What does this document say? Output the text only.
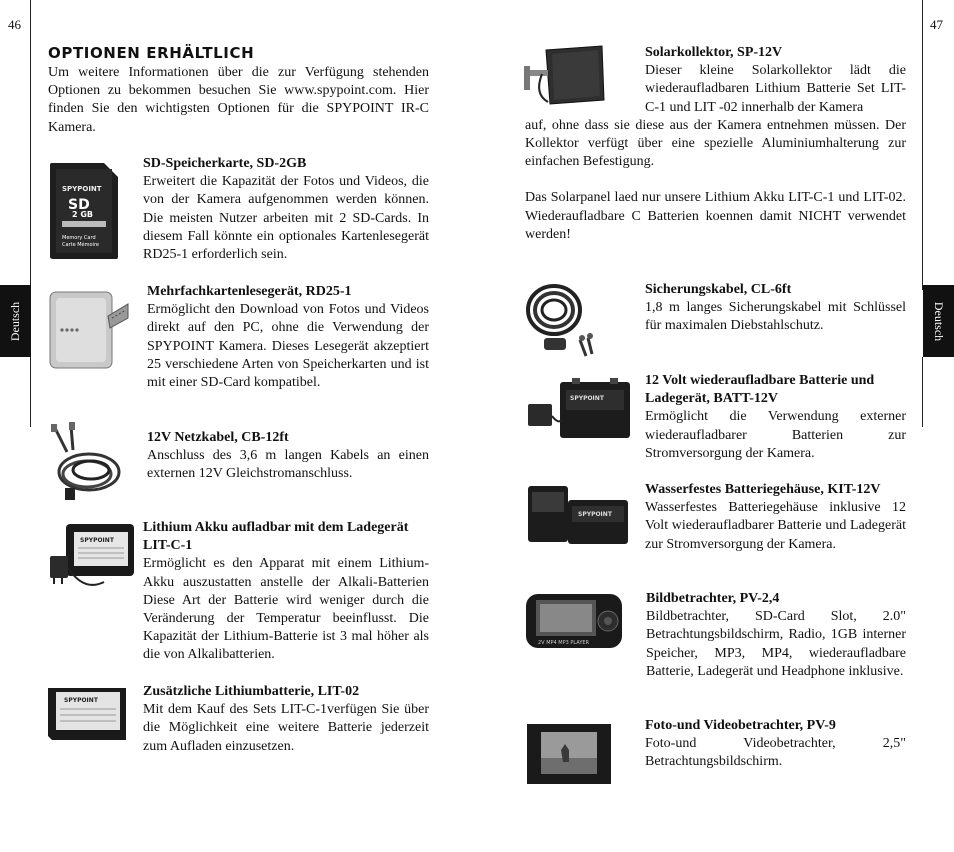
46	47
Deutsch	Deutsch
OPTIONEN ERHÄLTLICH

Um weitere Informationen über die zur Verfügung stehenden Optionen zu bekommen besuchen Sie www.spypoint.com. Hier finden Sie den wichtigsten Optionen für die SPYPOINT IR-C Kamera.

SPYPOINT
SD
2 GB
Memory Card
Carte Mémoire

SD-Speicherkarte, SD-2GB

Erweitert die Kapazität der Fotos und Videos, die von der Kamera aufgenommen werden können. Die meisten Nutzer arbeiten mit 2 SD-Cards. In diesem Fall könnte ein optionales Kartenlesegerät RD25-1 erforderlich sein.

Mehrfachkartenlesegerät, RD25-1

Ermöglicht den Download von Fotos und Videos direkt auf den PC, ohne die Verwendung der SPYPOINT Kamera. Dieses Lesegerät akzeptiert 25 verschiedene Arten von Speicherkarten und ist mit einer SD-Card kompatibel.

12V Netzkabel, CB-12ft

Anschluss des 3,6 m langen Kabels an einen externen 12V Gleichstromanschluss.

SPYPOINT

Lithium Akku aufladbar mit dem Ladegerät LIT-C-1

Ermöglicht es den Apparat mit einem Lithium-Akku auszustatten anstelle der Alkali-Batterien Diese Art der Batterie wird weniger durch die Veränderung der Temperatur beeinflusst. Die Kapazität der Lithium-Batterie ist 3 mal höher als die von Alkalibatterien.

SPYPOINT

Zusätzliche Lithiumbatterie, LIT-02

Mit dem Kauf des Sets LIT-C-1verfügen Sie über die Möglichkeit eine weitere Batterie jederzeit zum Aufladen einzusetzen.

Solarkollektor, SP-12V

Dieser kleine Solarkollektor lädt die wiederaufladbaren Lithium Batterie Set LIT-C-1 und LIT -02 innerhalb der Kamera

auf, ohne dass sie diese aus der Kamera entnehmen müssen. Der Kollektor verfügt über eine spezielle Aluminiumhalterung zur einfachen Befestigung.

Das Solarpanel laed nur unsere Lithium Akku LIT-C-1 und LIT-02. Wiederaufladbare C Batterien koennen damit NICHT verwendet werden!

Sicherungskabel, CL-6ft

1,8 m langes Sicherungskabel mit Schlüssel für maximalen Diebstahlschutz.

SPYPOINT

12 Volt wiederaufladbare Batterie und Ladegerät, BATT-12V

Ermöglicht die Verwendung externer wiederaufladbarer Batterien zur Stromversorgung der Kamera.

SPYPOINT

Wasserfestes Batteriegehäuse, KIT-12V

Wasserfestes Batteriegehäuse inklusive 12 Volt wiederaufladbarer Batterie und Ladegerät zur Stromversorgung der Kamera.

2V MP4 MP3 PLAYER

Bildbetrachter, PV-2,4

Bildbetrachter, SD-Card Slot, 2.0" Betrachtungsbildschirm, Radio, 1GB interner Speicher, MP3, MP4, wiederaufladbare Batterie, Ladegerät und Headphone inklusive.

Foto-und Videobetrachter, PV-9

Foto-und Videobetrachter, 2,5" Betrachtungsbildschirm.
